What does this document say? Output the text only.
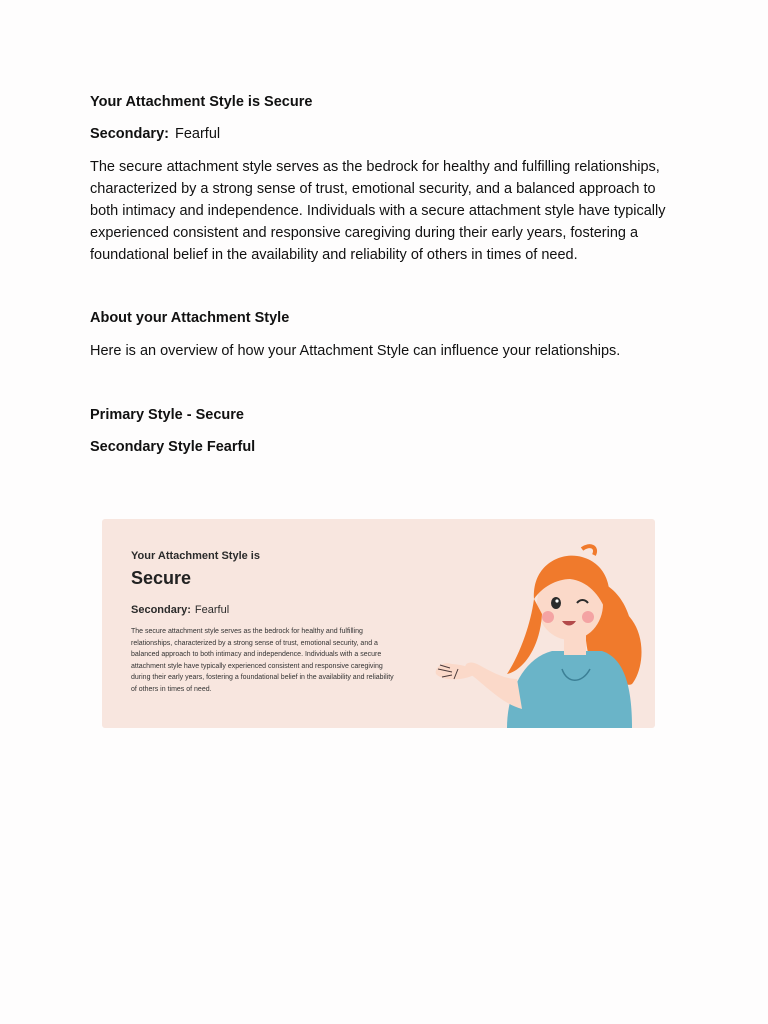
Your Attachment Style is Secure

Secondary: Fearful

The secure attachment style serves as the bedrock for healthy and fulfilling relationships, characterized by a strong sense of trust, emotional security, and a balanced approach to both intimacy and independence. Individuals with a secure attachment style have typically experienced consistent and responsive caregiving during their early years, fostering a foundational belief in the availability and reliability of others in times of need.

About your Attachment Style

Here is an overview of how your Attachment Style can influence your relationships.

Primary Style - Secure

Secondary Style Fearful

Your Attachment Style is

Secure

Secondary: Fearful

The secure attachment style serves as the bedrock for healthy and fulfilling relationships, characterized by a strong sense of trust, emotional security, and a balanced approach to both intimacy and independence. Individuals with a secure attachment style have typically experienced consistent and responsive caregiving during their early years, fostering a foundational belief in the availability and reliability of others in times of need.
